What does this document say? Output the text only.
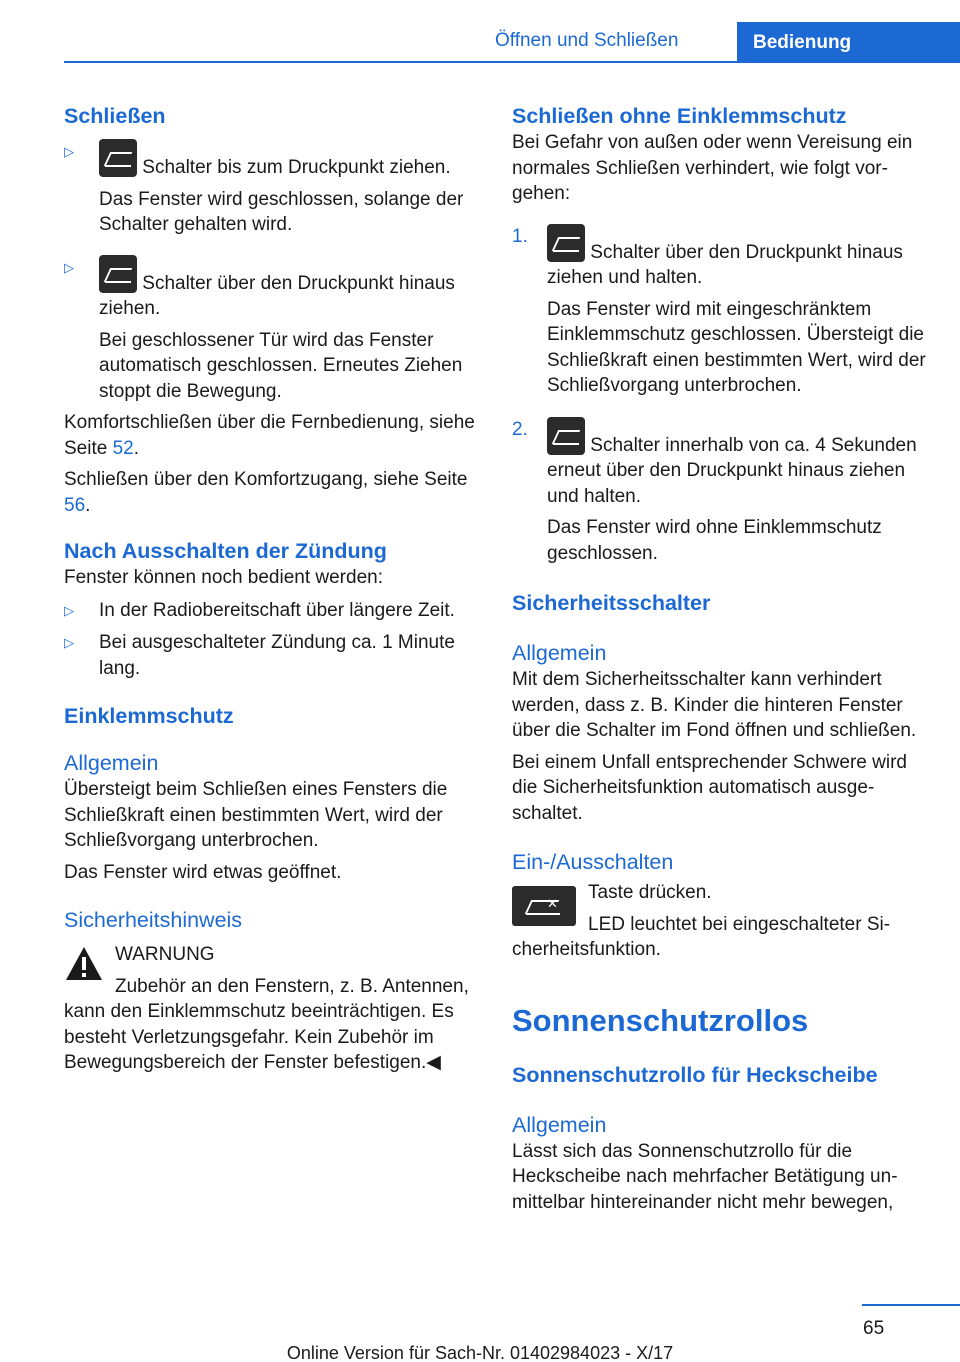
Öffnen und Schließen	Bedienung
Schließen
▷

Schalter bis zum Druckpunkt ziehen.

Das Fenster wird geschlossen, solange der Schalter gehalten wird.

▷

Schalter über den Druckpunkt hinaus ziehen.

Bei geschlossener Tür wird das Fenster automatisch geschlossen. Erneutes Ziehen stoppt die Bewegung.

Komfortschließen über die Fernbedienung, siehe Seite 52.

Schließen über den Komfortzugang, siehe Seite 56.

Nach Ausschalten der Zündung

Fenster können noch bedient werden:

▷	In der Radiobereitschaft über längere Zeit.

▷	Bei ausgeschalteter Zündung ca. 1 Minute lang.

Einklemmschutz
Allgemein

Übersteigt beim Schließen eines Fensters die Schließkraft einen bestimmten Wert, wird der Schließvorgang unterbrochen.

Das Fenster wird etwas geöffnet.

Sicherheitshinweis

WARNUNG

Zubehör an den Fenstern, z. B. Antennen, kann den Einklemmschutz beeinträchtigen. Es besteht Verletzungsgefahr. Kein Zubehör im Bewegungsbereich der Fenster befestigen.◀

Schließen ohne Einklemmschutz

Bei Gefahr von außen oder wenn Vereisung ein normales Schließen verhindert, wie folgt vorgehen:

1.

Schalter über den Druckpunkt hinaus ziehen und halten.

Das Fenster wird mit eingeschränktem Einklemmschutz geschlossen. Übersteigt die Schließkraft einen bestimmten Wert, wird der Schließvorgang unterbrochen.

2.

Schalter innerhalb von ca. 4 Sekunden erneut über den Druckpunkt hinaus ziehen und halten.

Das Fenster wird ohne Einklemmschutz geschlossen.

Sicherheitsschalter
Allgemein

Mit dem Sicherheitsschalter kann verhindert werden, dass z. B. Kinder die hinteren Fenster über die Schalter im Fond öffnen und schließen.

Bei einem Unfall entsprechender Schwere wird die Sicherheitsfunktion automatisch ausgeschaltet.

Ein-/Ausschalten
✕

Taste drücken.

LED leuchtet bei eingeschalteter Sicherheitsfunktion.

Sonnenschutzrollos
Sonnenschutzrollo für Heckscheibe
Allgemein

Lässt sich das Sonnenschutzrollo für die Heckscheibe nach mehrfacher Betätigung unmittelbar hintereinander nicht mehr bewegen,

65
Online Version für Sach-Nr. 01402984023 - X/17
